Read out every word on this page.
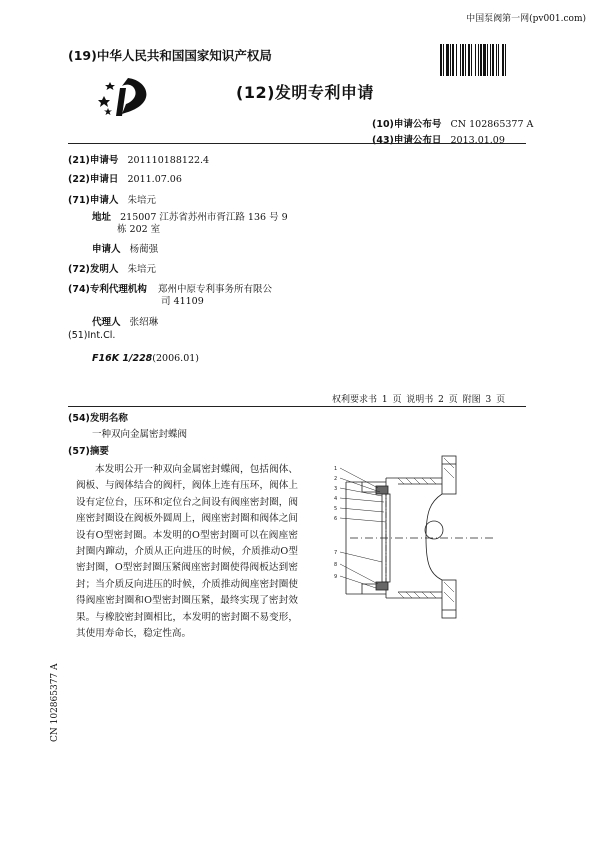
中国泵阀第一网(pv001.com)
(19)中华人民共和国国家知识产权局
(12)发明专利申请
(10)申请公布号 CN 102865377 A
(43)申请公布日 2013.01.09
(21)申请号 201110188122.4
(22)申请日 2011.07.06
(71)申请人 朱培元
地址 215007 江苏省苏州市胥江路 136 号 9
栋 202 室
申请人 杨蔺强
(72)发明人 朱培元
(74)专利代理机构 郑州中原专利事务所有限公
司 41109
代理人 张绍琳
(51)Int.Cl.
F16K 1/228(2006.01)
权利要求书 1 页 说明书 2 页 附图 3 页
(54)发明名称
一种双向金属密封蝶阀
(57)摘要
本发明公开一种双向金属密封蝶阀，包括阀体、阀板、与阀体结合的阀杆，阀体上连有压环，阀体上设有定位台，压环和定位台之间设有阀座密封圈，阀座密封圈设在阀板外圆周上，阀座密封圈和阀体之间设有O型密封圈。本发明的O型密封圈可以在阀座密封圈内蹿动，介质从正向进压的时候，介质推动O型密封圈，O型密封圈压紧阀座密封圈使得阀板达到密封；当介质反向进压的时候，介质推动阀座密封圈使得阀座密封圈和O型密封圈压紧，最终实现了密封效果。与橡胶密封圈相比，本发明的密封圈不易变形，其使用寿命长，稳定性高。
1
2
3
4
5
6
7
8
9
CN 102865377 A
